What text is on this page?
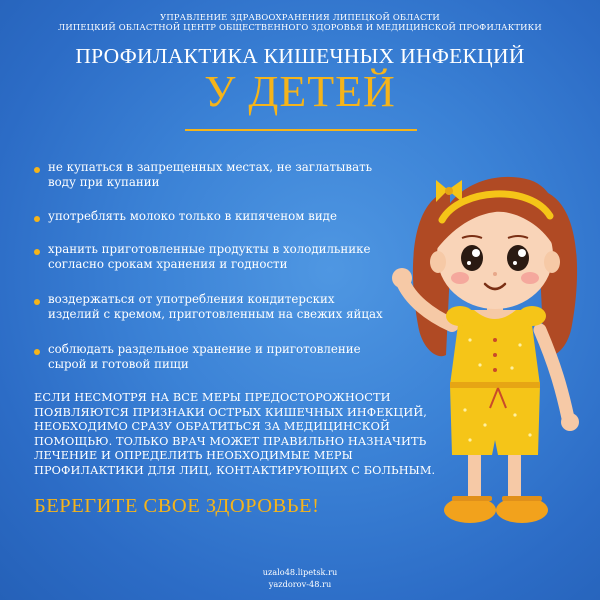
УПРАВЛЕНИЕ ЗДРАВООХРАНЕНИЯ ЛИПЕЦКОЙ ОБЛАСТИ
ЛИПЕЦКИЙ ОБЛАСТНОЙ ЦЕНТР ОБЩЕСТВЕННОГО ЗДОРОВЬЯ И МЕДИЦИНСКОЙ ПРОФИЛАКТИКИ
ПРОФИЛАКТИКА КИШЕЧНЫХ ИНФЕКЦИЙ
У ДЕТЕЙ
не купаться в запрещенных местах, не заглатывать
воду при купании
употреблять молоко только в кипяченом виде
хранить приготовленные продукты в холодильнике
согласно срокам хранения и годности
воздержаться от употребления кондитерских
изделий с кремом, приготовленным на свежих яйцах
соблюдать раздельное хранение и приготовление
сырой и готовой пищи
ЕСЛИ НЕСМОТРЯ НА ВСЕ МЕРЫ ПРЕДОСТОРОЖНОСТИ ПОЯВЛЯЮТСЯ ПРИЗНАКИ ОСТРЫХ КИШЕЧНЫХ ИНФЕКЦИЙ, НЕОБХОДИМО СРАЗУ ОБРАТИТЬСЯ ЗА МЕДИЦИНСКОЙ ПОМОЩЬЮ. ТОЛЬКО ВРАЧ МОЖЕТ ПРАВИЛЬНО НАЗНАЧИТЬ ЛЕЧЕНИЕ И ОПРЕДЕЛИТЬ НЕОБХОДИМЫЕ МЕРЫ ПРОФИЛАКТИКИ ДЛЯ ЛИЦ, КОНТАКТИРУЮЩИХ С БОЛЬНЫМ.
БЕРЕГИТЕ СВОЕ ЗДОРОВЬЕ!
uzalo48.lipetsk.ru
yazdorov-48.ru
